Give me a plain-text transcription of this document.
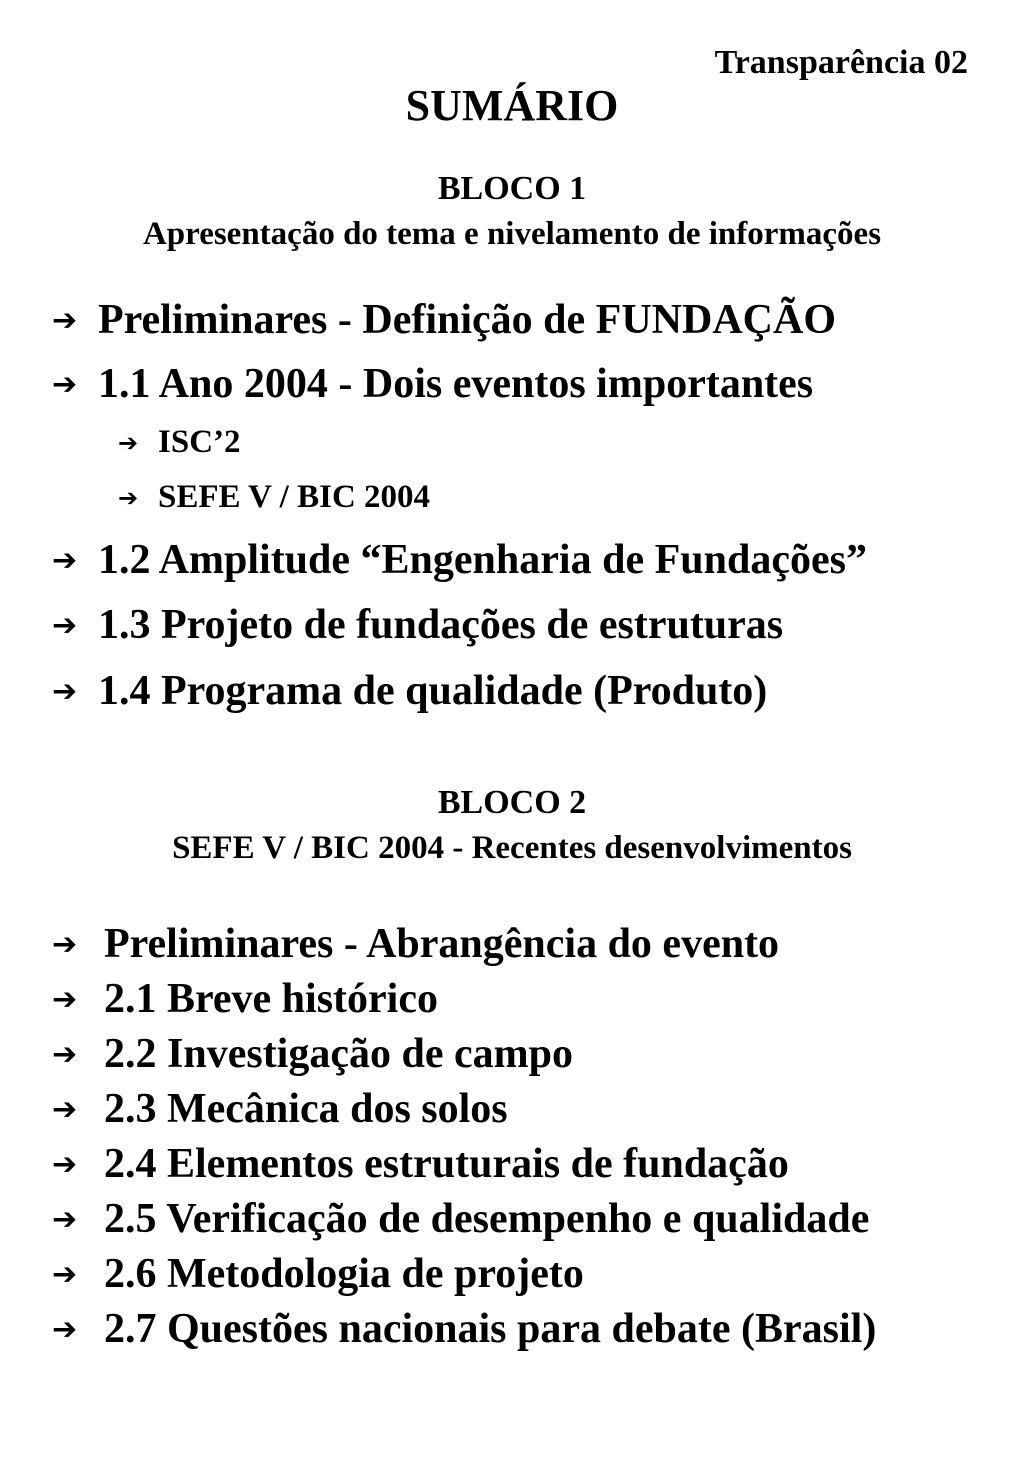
Transparência 02
SUMÁRIO
BLOCO 1
Apresentação do tema e nivelamento de informações
➔ Preliminares - Definição de FUNDAÇÃO
➔ 1.1 Ano 2004 - Dois eventos importantes
➔ ISC’2
➔ SEFE V / BIC 2004
➔ 1.2 Amplitude “Engenharia de Fundações”
➔ 1.3 Projeto de fundações de estruturas
➔ 1.4 Programa de qualidade (Produto)
BLOCO 2
SEFE V / BIC 2004 - Recentes desenvolvimentos
➔ Preliminares - Abrangência do evento
➔ 2.1 Breve histórico
➔ 2.2 Investigação de campo
➔ 2.3 Mecânica dos solos
➔ 2.4 Elementos estruturais de fundação
➔ 2.5 Verificação de desempenho e qualidade
➔ 2.6 Metodologia de projeto
➔ 2.7 Questões nacionais para debate (Brasil)
